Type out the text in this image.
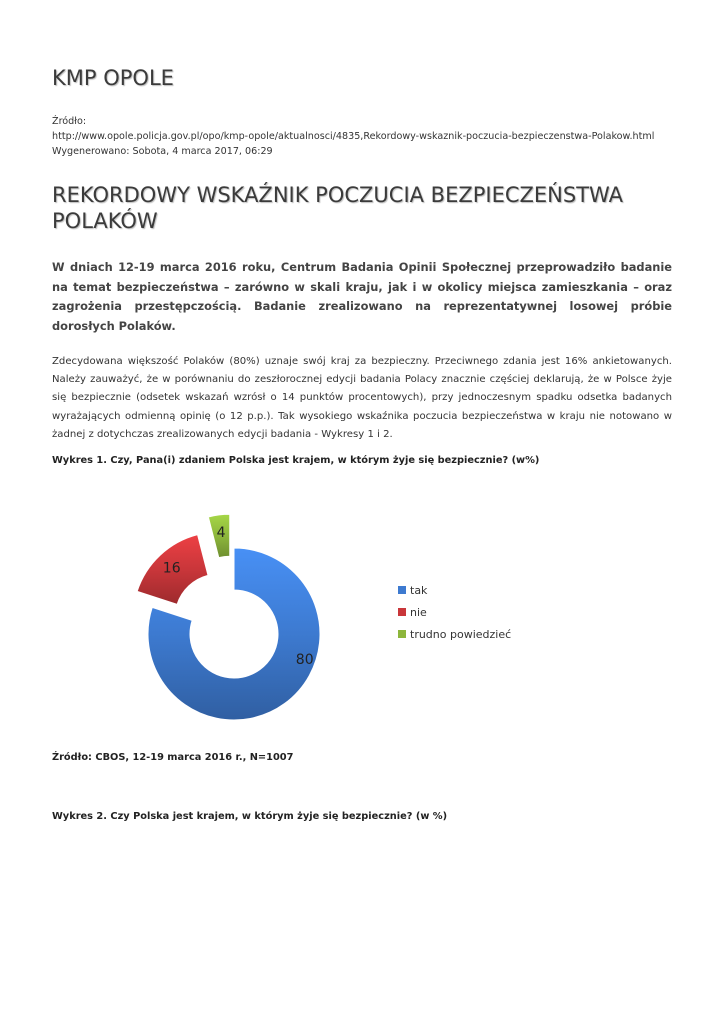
KMP OPOLE
Źródło:
http://www.opole.policja.gov.pl/opo/kmp-opole/aktualnosci/4835,Rekordowy-wskaznik-poczucia-bezpieczenstwa-Polakow.html
Wygenerowano: Sobota, 4 marca 2017, 06:29
REKORDOWY WSKAŹNIK POCZUCIA BEZPIECZEŃSTWA POLAKÓW

W dniach 12-19 marca 2016 roku, Centrum Badania Opinii Społecznej przeprowadziło badanie na temat bezpieczeństwa – zarówno w skali kraju, jak i w okolicy miejsca zamieszkania – oraz zagrożenia przestępczością. Badanie zrealizowano na reprezentatywnej losowej próbie dorosłych Polaków.

Zdecydowana większość Polaków (80%) uznaje swój kraj za bezpieczny. Przeciwnego zdania jest 16% ankietowanych. Należy zauważyć, że w porównaniu do zeszłorocznej edycji badania Polacy znacznie częściej deklarują, że w Polsce żyje się bezpiecznie (odsetek wskazań wzrósł o 14 punktów procentowych), przy jednoczesnym spadku odsetka badanych wyrażających odmienną opinię (o 12 p.p.). Tak wysokiego wskaźnika poczucia bezpieczeństwa w kraju nie notowano w żadnej z dotychczas zrealizowanych edycji badania - Wykresy 1 i 2.

Wykres 1. Czy, Pana(i) zdaniem Polska jest krajem, w którym żyje się bezpiecznie? (w%)

80
16
4
tak
nie
trudno powiedzieć

Źródło: CBOS, 12-19 marca 2016 r., N=1007

Wykres 2. Czy Polska jest krajem, w którym żyje się bezpiecznie? (w %)
